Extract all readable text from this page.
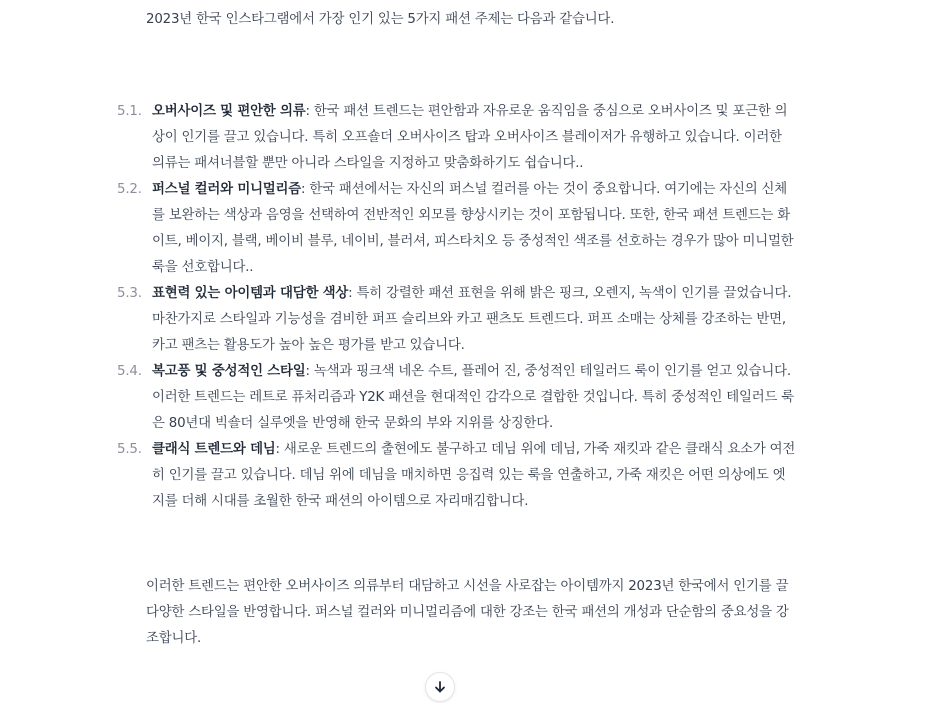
2023년 한국 인스타그램에서 가장 인기 있는 5가지 패션 주제는 다음과 같습니다.

5.1. 오버사이즈 및 편안한 의류: 한국 패션 트렌드는 편안함과 자유로운 움직임을 중심으로 오버사이즈 및 포근한 의상이 인기를 끌고 있습니다. 특히 오프숄더 오버사이즈 탑과 오버사이즈 블레이저가 유행하고 있습니다. 이러한 의류는 패셔너블할 뿐만 아니라 스타일을 지정하고 맞춤화하기도 쉽습니다..
5.2. 퍼스널 컬러와 미니멀리즘: 한국 패션에서는 자신의 퍼스널 컬러를 아는 것이 중요합니다. 여기에는 자신의 신체를 보완하는 색상과 음영을 선택하여 전반적인 외모를 향상시키는 것이 포함됩니다. 또한, 한국 패션 트렌드는 화이트, 베이지, 블랙, 베이비 블루, 네이비, 블러셔, 피스타치오 등 중성적인 색조를 선호하는 경우가 많아 미니멀한 룩을 선호합니다..
5.3. 표현력 있는 아이템과 대담한 색상: 특히 강렬한 패션 표현을 위해 밝은 핑크, 오렌지, 녹색이 인기를 끌었습니다. 마찬가지로 스타일과 기능성을 겸비한 퍼프 슬리브와 카고 팬츠도 트렌드다. 퍼프 소매는 상체를 강조하는 반면, 카고 팬츠는 활용도가 높아 높은 평가를 받고 있습니다.
5.4. 복고풍 및 중성적인 스타일: 녹색과 핑크색 네온 수트, 플레어 진, 중성적인 테일러드 룩이 인기를 얻고 있습니다. 이러한 트렌드는 레트로 퓨처리즘과 Y2K 패션을 현대적인 감각으로 결합한 것입니다. 특히 중성적인 테일러드 룩은 80년대 빅숄더 실루엣을 반영해 한국 문화의 부와 지위를 상징한다.
5.5. 클래식 트렌드와 데님: 새로운 트렌드의 출현에도 불구하고 데님 위에 데님, 가죽 재킷과 같은 클래식 요소가 여전히 인기를 끌고 있습니다. 데님 위에 데님을 매치하면 응집력 있는 룩을 연출하고, 가죽 재킷은 어떤 의상에도 엣지를 더해 시대를 초월한 한국 패션의 아이템으로 자리매김합니다.

이러한 트렌드는 편안한 오버사이즈 의류부터 대담하고 시선을 사로잡는 아이템까지 2023년 한국에서 인기를 끌 다양한 스타일을 반영합니다. 퍼스널 컬러와 미니멀리즘에 대한 강조는 한국 패션의 개성과 단순함의 중요성을 강조합니다.
